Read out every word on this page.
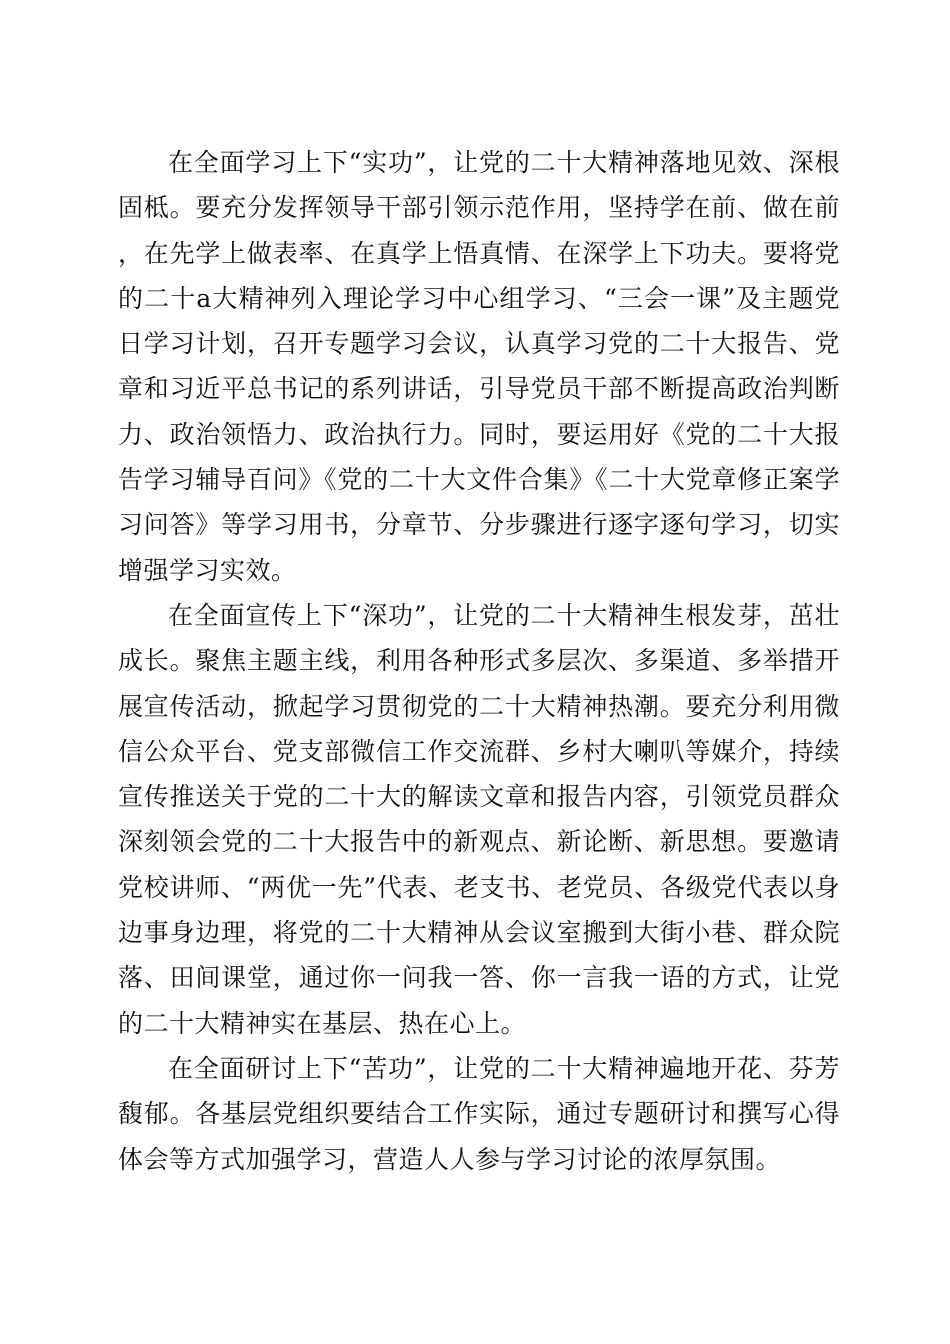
在全面学习上下“实功”，让党的二十大精神落地见效、深根固柢。要充分发挥领导干部引领示范作用，坚持学在前、做在前，在先学上做表率、在真学上悟真情、在深学上下功夫。要将党的二十a大精神列入理论学习中心组学习、“三会一课”及主题党日学习计划，召开专题学习会议，认真学习党的二十大报告、党章和习近平总书记的系列讲话，引导党员干部不断提高政治判断力、政治领悟力、政治执行力。同时，要运用好《党的二十大报告学习辅导百问》《党的二十大文件合集》《二十大党章修正案学习问答》等学习用书，分章节、分步骤进行逐字逐句学习，切实增强学习实效。

在全面宣传上下“深功”，让党的二十大精神生根发芽，茁壮成长。聚焦主题主线，利用各种形式多层次、多渠道、多举措开展宣传活动，掀起学习贯彻党的二十大精神热潮。要充分利用微信公众平台、党支部微信工作交流群、乡村大喇叭等媒介，持续宣传推送关于党的二十大的解读文章和报告内容，引领党员群众深刻领会党的二十大报告中的新观点、新论断、新思想。要邀请党校讲师、“两优一先”代表、老支书、老党员、各级党代表以身边事身边理，将党的二十大精神从会议室搬到大街小巷、群众院落、田间课堂，通过你一问我一答、你一言我一语的方式，让党的二十大精神实在基层、热在心上。

在全面研讨上下“苦功”，让党的二十大精神遍地开花、芬芳馥郁。各基层党组织要结合工作实际，通过专题研讨和撰写心得体会等方式加强学习，营造人人参与学习讨论的浓厚氛围。
